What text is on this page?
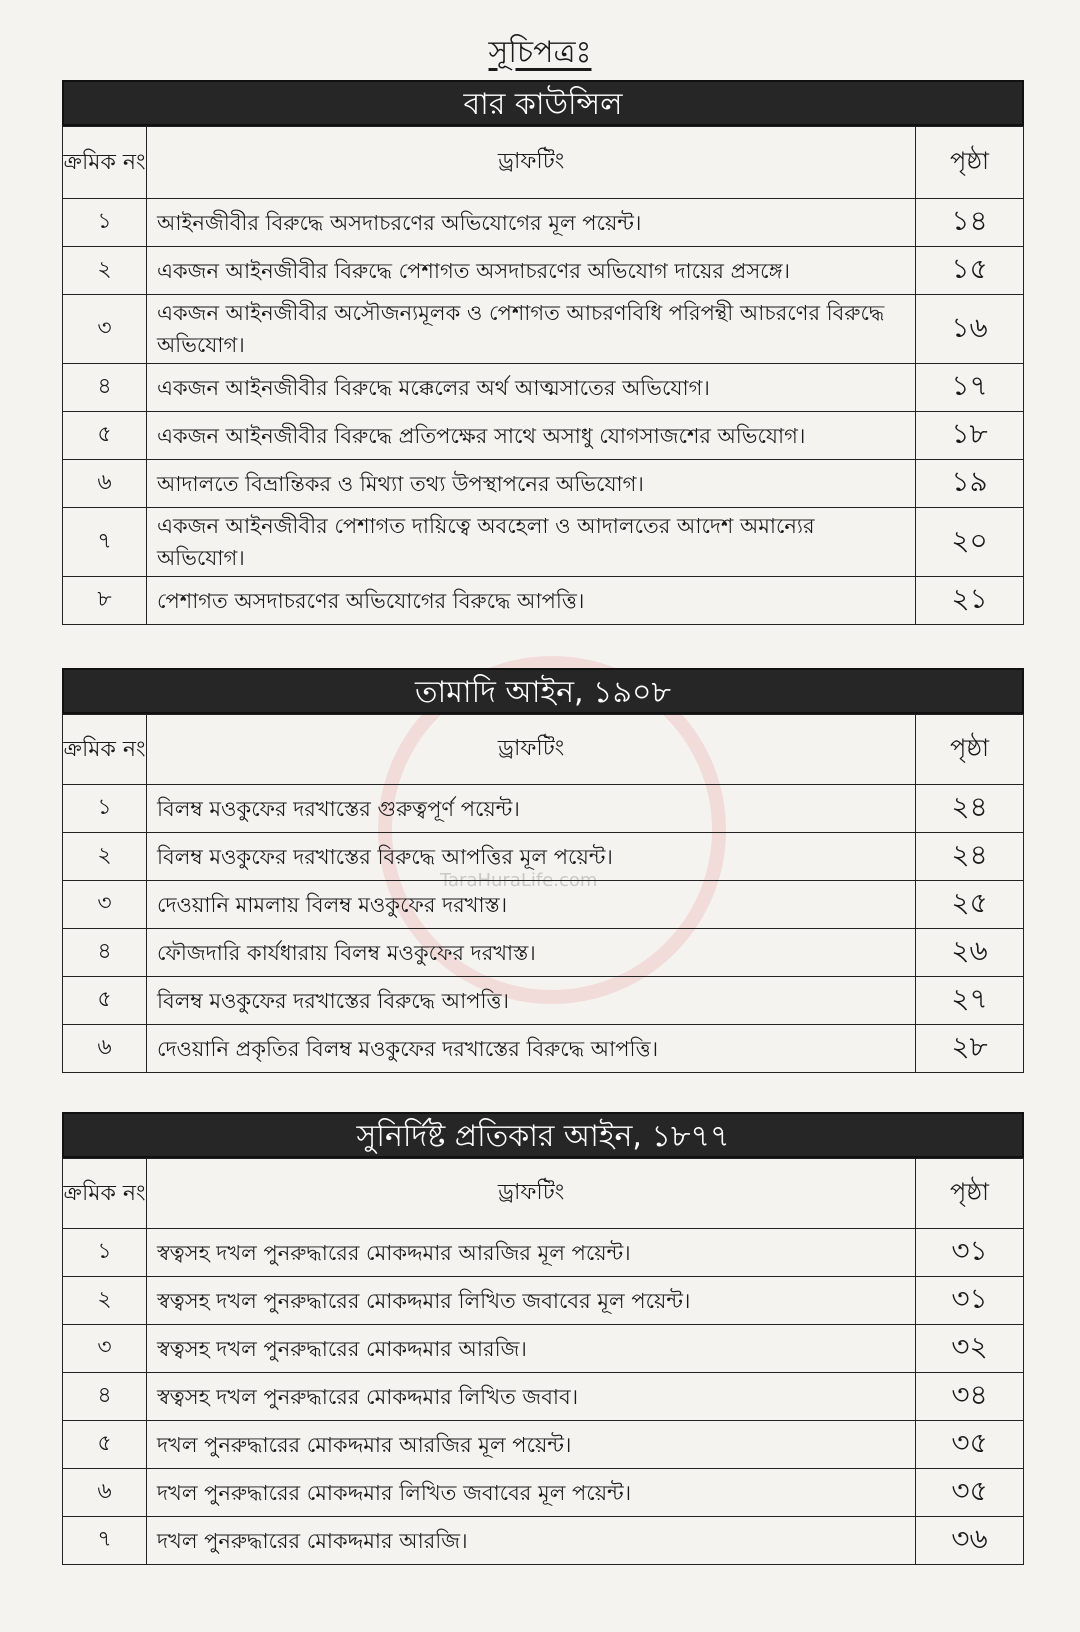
সূচিপত্রঃ
TaraHuraLife.com
বার কাউন্সিল
ক্রমিক নং	ড্রাফটিং	পৃষ্ঠা
১	আইনজীবীর বিরুদ্ধে অসদাচরণের অভিযোগের মূল পয়েন্ট।	১৪
২	একজন আইনজীবীর বিরুদ্ধে পেশাগত অসদাচরণের অভিযোগ দায়ের প্রসঙ্গে।	১৫
৩	একজন আইনজীবীর অসৌজন্যমূলক ও পেশাগত আচরণবিধি পরিপন্থী আচরণের বিরুদ্ধে অভিযোগ।	১৬
৪	একজন আইনজীবীর বিরুদ্ধে মক্কেলের অর্থ আত্মসাতের অভিযোগ।	১৭
৫	একজন আইনজীবীর বিরুদ্ধে প্রতিপক্ষের সাথে অসাধু যোগসাজশের অভিযোগ।	১৮
৬	আদালতে বিভ্রান্তিকর ও মিথ্যা তথ্য উপস্থাপনের অভিযোগ।	১৯
৭	একজন আইনজীবীর পেশাগত দায়িত্বে অবহেলা ও আদালতের আদেশ অমান্যের অভিযোগ।	২০
৮	পেশাগত অসদাচরণের অভিযোগের বিরুদ্ধে আপত্তি।	২১
তামাদি আইন, ১৯০৮
ক্রমিক নং	ড্রাফটিং	পৃষ্ঠা
১	বিলম্ব মওকুফের দরখাস্তের গুরুত্বপূর্ণ পয়েন্ট।	২৪
২	বিলম্ব মওকুফের দরখাস্তের বিরুদ্ধে আপত্তির মূল পয়েন্ট।	২৪
৩	দেওয়ানি মামলায় বিলম্ব মওকুফের দরখাস্ত।	২৫
৪	ফৌজদারি কার্যধারায় বিলম্ব মওকুফের দরখাস্ত।	২৬
৫	বিলম্ব মওকুফের দরখাস্তের বিরুদ্ধে আপত্তি।	২৭
৬	দেওয়ানি প্রকৃতির বিলম্ব মওকুফের দরখাস্তের বিরুদ্ধে আপত্তি।	২৮
সুনির্দিষ্ট প্রতিকার আইন, ১৮৭৭
ক্রমিক নং	ড্রাফটিং	পৃষ্ঠা
১	স্বত্বসহ দখল পুনরুদ্ধারের মোকদ্দমার আরজির মূল পয়েন্ট।	৩১
২	স্বত্বসহ দখল পুনরুদ্ধারের মোকদ্দমার লিখিত জবাবের মূল পয়েন্ট।	৩১
৩	স্বত্বসহ দখল পুনরুদ্ধারের মোকদ্দমার আরজি।	৩২
৪	স্বত্বসহ দখল পুনরুদ্ধারের মোকদ্দমার লিখিত জবাব।	৩৪
৫	দখল পুনরুদ্ধারের মোকদ্দমার আরজির মূল পয়েন্ট।	৩৫
৬	দখল পুনরুদ্ধারের মোকদ্দমার লিখিত জবাবের মূল পয়েন্ট।	৩৫
৭	দখল পুনরুদ্ধারের মোকদ্দমার আরজি।	৩৬
